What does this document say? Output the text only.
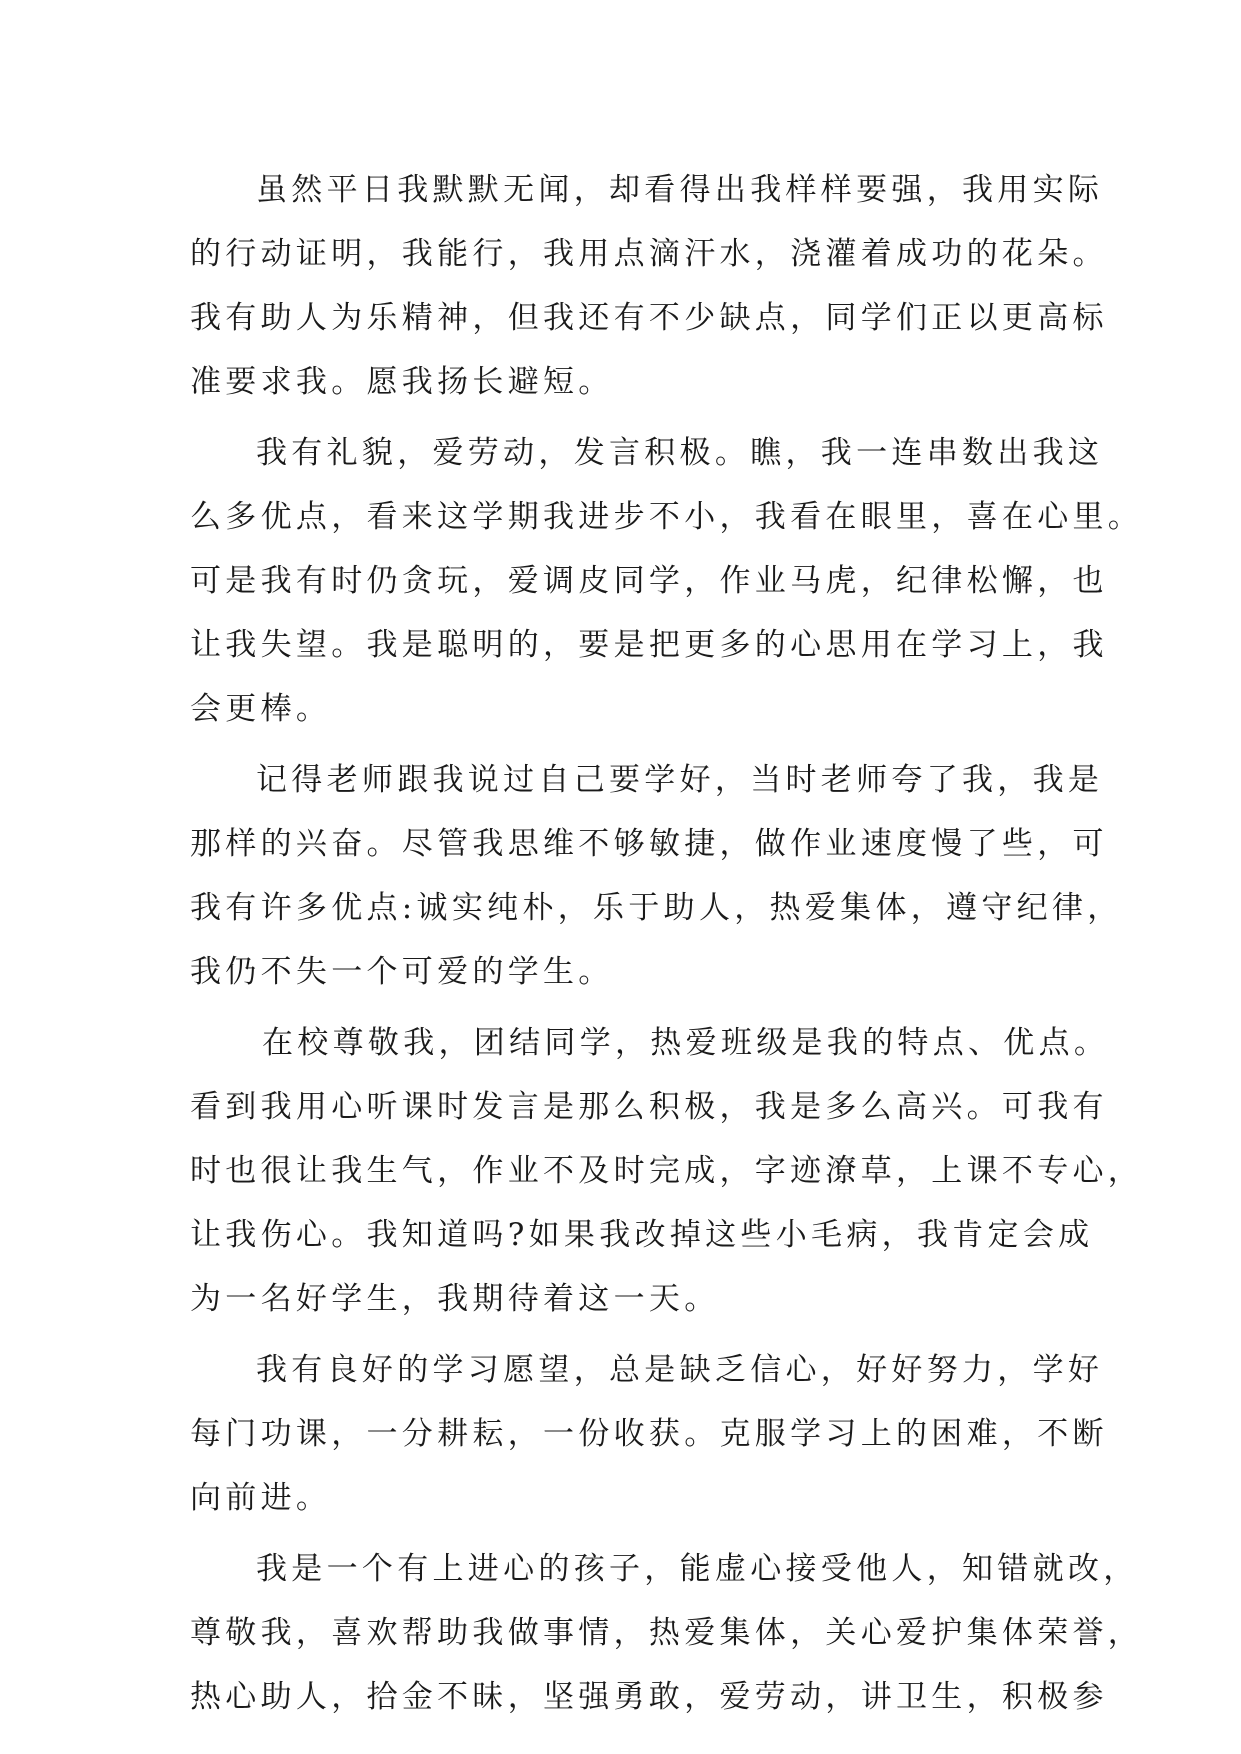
虽然平日我默默无闻，却看得出我样样要强，我用实际
的行动证明，我能行，我用点滴汗水，浇灌着成功的花朵。
我有助人为乐精神，但我还有不少缺点，同学们正以更高标
准要求我。愿我扬长避短。
我有礼貌，爱劳动，发言积极。瞧，我一连串数出我这
么多优点，看来这学期我进步不小，我看在眼里，喜在心里。
可是我有时仍贪玩，爱调皮同学，作业马虎，纪律松懈，也
让我失望。我是聪明的，要是把更多的心思用在学习上，我
会更棒。
记得老师跟我说过自己要学好，当时老师夸了我，我是
那样的兴奋。尽管我思维不够敏捷，做作业速度慢了些，可
我有许多优点:诚实纯朴，乐于助人，热爱集体，遵守纪律，
我仍不失一个可爱的学生。
在校尊敬我，团结同学，热爱班级是我的特点、优点。
看到我用心听课时发言是那么积极，我是多么高兴。可我有
时也很让我生气，作业不及时完成，字迹潦草，上课不专心，
让我伤心。我知道吗?如果我改掉这些小毛病，我肯定会成
为一名好学生，我期待着这一天。
我有良好的学习愿望，总是缺乏信心，好好努力，学好
每门功课，一分耕耘，一份收获。克服学习上的困难，不断
向前进。
我是一个有上进心的孩子，能虚心接受他人，知错就改，
尊敬我，喜欢帮助我做事情，热爱集体，关心爱护集体荣誉，
热心助人，拾金不昧，坚强勇敢，爱劳动，讲卫生，积极参
